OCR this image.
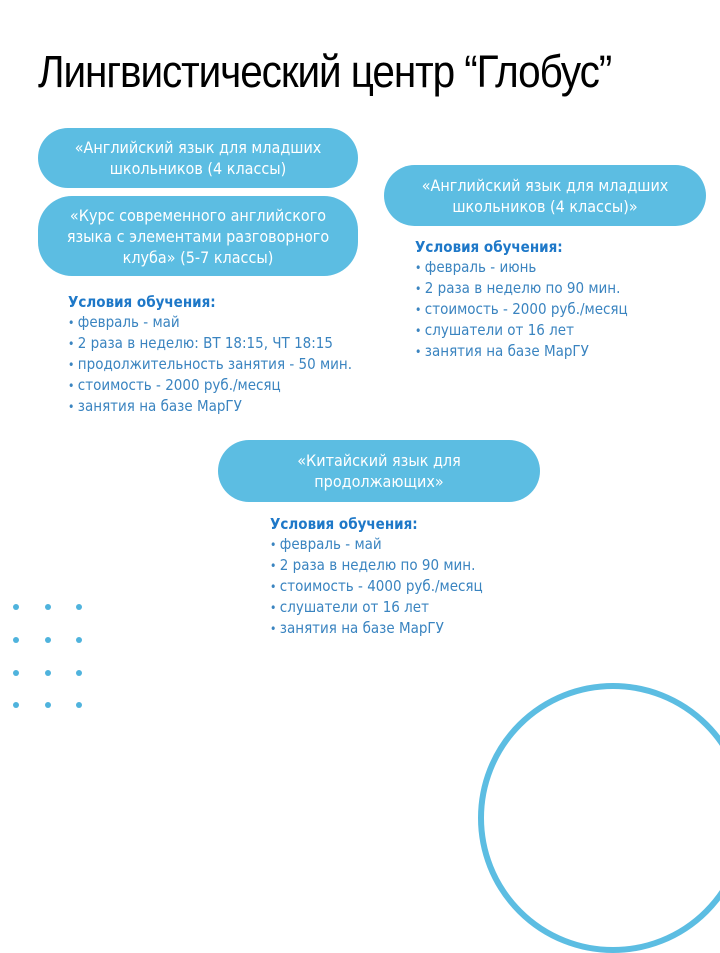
Лингвистический центр “Глобус”
«Английский язык для младших
школьников (4 классы)
«Курс современного английского
языка с элементами разговорного
клуба» (5-7 классы)
Условия обучения:
• февраль - май
• 2 раза в неделю: ВТ 18:15, ЧТ 18:15
• продолжительность занятия - 50 мин.
• стоимость - 2000 руб./месяц
• занятия на базе МарГУ
«Английский язык для младших
школьников (4 классы)»
Условия обучения:
• февраль - июнь
• 2 раза в неделю по 90 мин.
• стоимость - 2000 руб./месяц
• слушатели от 16 лет
• занятия на базе МарГУ
«Китайский язык для
продолжающих»
Условия обучения:
• февраль - май
• 2 раза в неделю по 90 мин.
• стоимость - 4000 руб./месяц
• слушатели от 16 лет
• занятия на базе МарГУ
